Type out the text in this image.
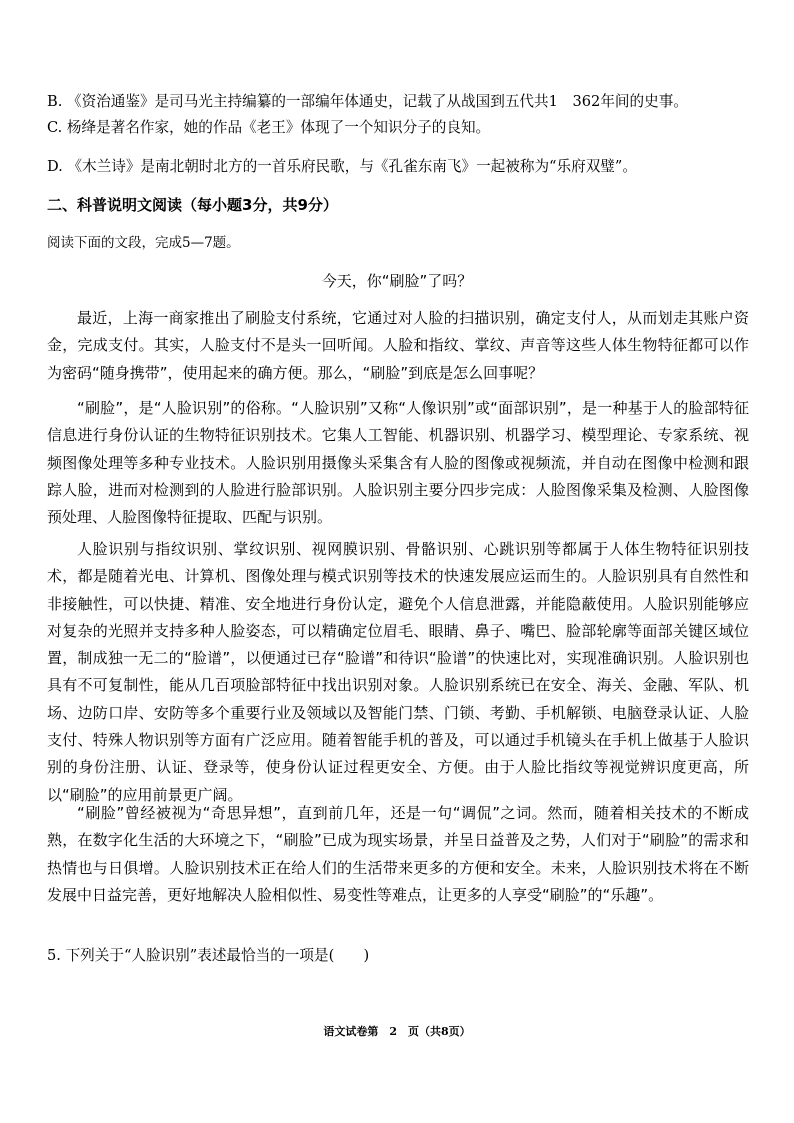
B. 《资治通鉴》是司马光主持编纂的一部编年体通史，记载了从战国到五代共1　362年间的史事。
C. 杨绛是著名作家，她的作品《老王》体现了一个知识分子的良知。
D. 《木兰诗》是南北朝时北方的一首乐府民歌，与《孔雀东南飞》一起被称为“乐府双璧”。
二、科普说明文阅读（每小题3分，共9分）
阅读下面的文段，完成5—7题。
今天，你“刷脸”了吗？

最近，上海一商家推出了刷脸支付系统，它通过对人脸的扫描识别，确定支付人，从而划走其账户资金，完成支付。其实，人脸支付不是头一回听闻。人脸和指纹、掌纹、声音等这些人体生物特征都可以作为密码“随身携带”，使用起来的确方便。那么，“刷脸”到底是怎么回事呢？

“刷脸”，是“人脸识别”的俗称。“人脸识别”又称“人像识别”或“面部识别”，是一种基于人的脸部特征信息进行身份认证的生物特征识别技术。它集人工智能、机器识别、机器学习、模型理论、专家系统、视频图像处理等多种专业技术。人脸识别用摄像头采集含有人脸的图像或视频流，并自动在图像中检测和跟踪人脸，进而对检测到的人脸进行脸部识别。人脸识别主要分四步完成：人脸图像采集及检测、人脸图像预处理、人脸图像特征提取、匹配与识别。

人脸识别与指纹识别、掌纹识别、视网膜识别、骨骼识别、心跳识别等都属于人体生物特征识别技术，都是随着光电、计算机、图像处理与模式识别等技术的快速发展应运而生的。人脸识别具有自然性和非接触性，可以快捷、精准、安全地进行身份认定，避免个人信息泄露，并能隐蔽使用。人脸识别能够应对复杂的光照并支持多种人脸姿态，可以精确定位眉毛、眼睛、鼻子、嘴巴、脸部轮廓等面部关键区域位置，制成独一无二的“脸谱”，以便通过已存“脸谱”和待识“脸谱”的快速比对，实现准确识别。人脸识别也具有不可复制性，能从几百项脸部特征中找出识别对象。人脸识别系统已在安全、海关、金融、军队、机场、边防口岸、安防等多个重要行业及领域以及智能门禁、门锁、考勤、手机解锁、电脑登录认证、人脸支付、特殊人物识别等方面有广泛应用。随着智能手机的普及，可以通过手机镜头在手机上做基于人脸识别的身份注册、认证、登录等，使身份认证过程更安全、方便。由于人脸比指纹等视觉辨识度更高，所以“刷脸”的应用前景更广阔。

“刷脸”曾经被视为“奇思异想”，直到前几年，还是一句“调侃”之词。然而，随着相关技术的不断成熟，在数字化生活的大环境之下，“刷脸”已成为现实场景，并呈日益普及之势，人们对于“刷脸”的需求和热情也与日俱增。人脸识别技术正在给人们的生活带来更多的方便和安全。未来，人脸识别技术将在不断发展中日益完善，更好地解决人脸相似性、易变性等难点，让更多的人享受“刷脸”的“乐趣”。

5. 下列关于“人脸识别”表述最恰当的一项是(　　)
语文试卷第　2　页（共8页）
